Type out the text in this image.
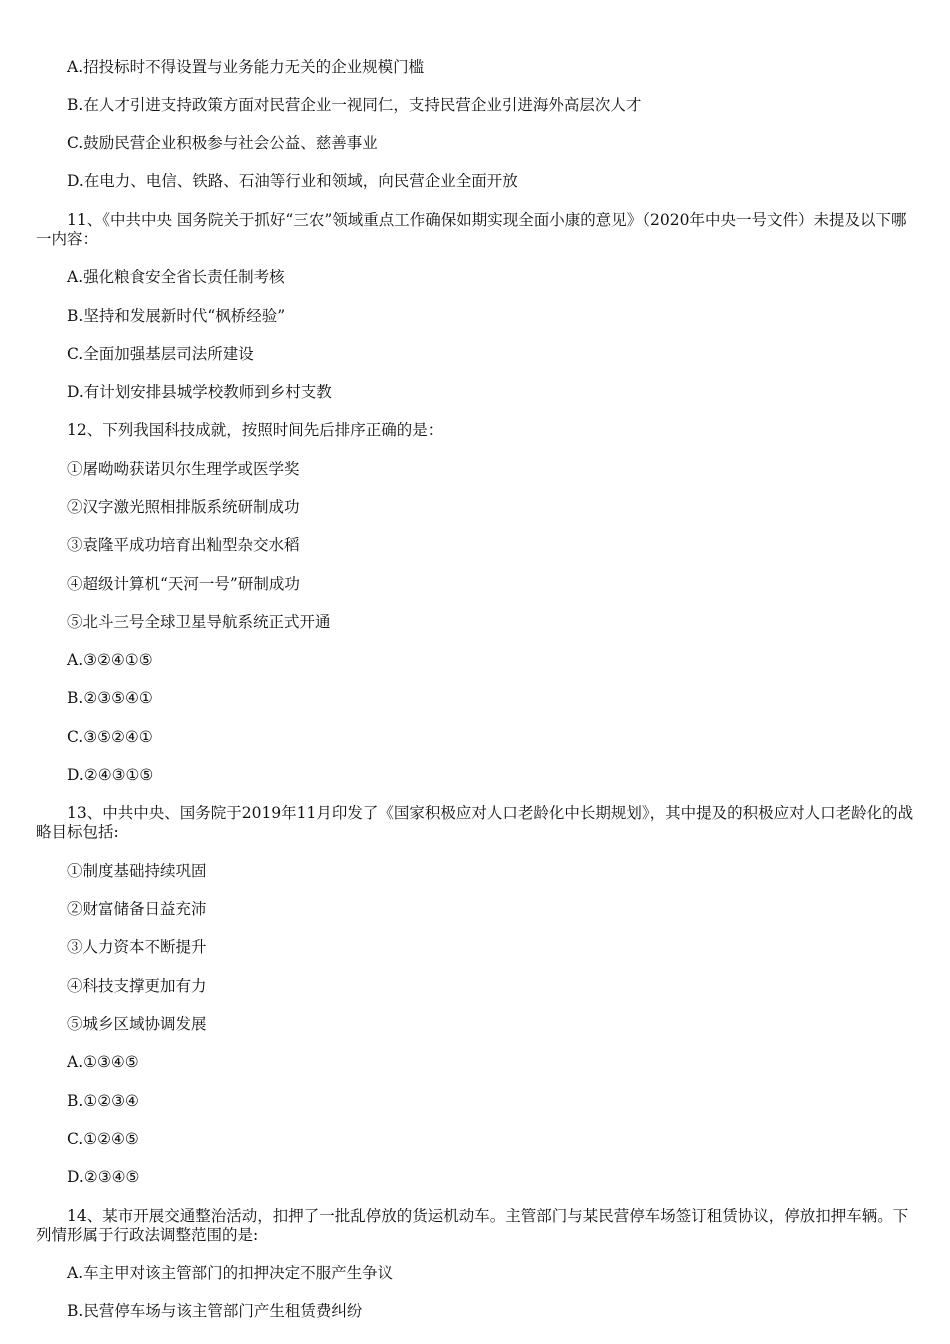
A.招投标时不得设置与业务能力无关的企业规模门槛
B.在人才引进支持政策方面对民营企业一视同仁，支持民营企业引进海外高层次人才
C.鼓励民营企业积极参与社会公益、慈善事业
D.在电力、电信、铁路、石油等行业和领域，向民营企业全面开放
11、《中共中央 国务院关于抓好“三农”领域重点工作确保如期实现全面小康的意见》（2020年中央一号文件）未提及以下哪一内容：
A.强化粮食安全省长责任制考核
B.坚持和发展新时代“枫桥经验”
C.全面加强基层司法所建设
D.有计划安排县城学校教师到乡村支教
12、下列我国科技成就，按照时间先后排序正确的是：
①屠呦呦获诺贝尔生理学或医学奖
②汉字激光照相排版系统研制成功
③袁隆平成功培育出籼型杂交水稻
④超级计算机“天河一号”研制成功
⑤北斗三号全球卫星导航系统正式开通
A.③②④①⑤
B.②③⑤④①
C.③⑤②④①
D.②④③①⑤
13、中共中央、国务院于2019年11月印发了《国家积极应对人口老龄化中长期规划》，其中提及的积极应对人口老龄化的战略目标包括:
①制度基础持续巩固
②财富储备日益充沛
③人力资本不断提升
④科技支撑更加有力
⑤城乡区域协调发展
A.①③④⑤
B.①②③④
C.①②④⑤
D.②③④⑤
14、某市开展交通整治活动，扣押了一批乱停放的货运机动车。主管部门与某民营停车场签订租赁协议，停放扣押车辆。下列情形属于行政法调整范围的是:
A.车主甲对该主管部门的扣押决定不服产生争议
B.民营停车场与该主管部门产生租赁费纠纷
